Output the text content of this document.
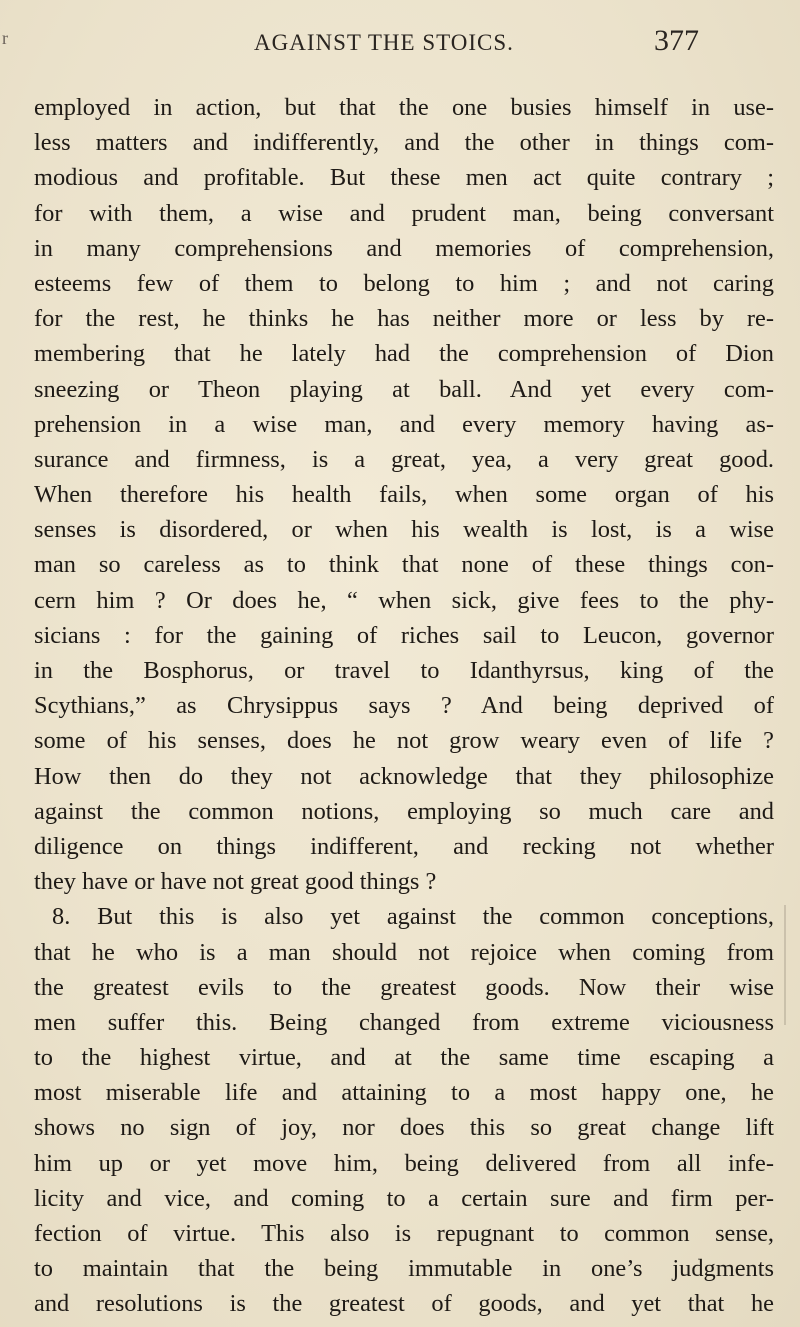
r	AGAINST THE STOICS.	377
employed in action, but that the one busies himself in use-
less matters and indifferently, and the other in things com-
modious and profitable. But these men act quite contrary ;
for with them, a wise and prudent man, being conversant
in many comprehensions and memories of comprehension,
esteems few of them to belong to him ; and not caring
for the rest, he thinks he has neither more or less by re-
membering that he lately had the comprehension of Dion
sneezing or Theon playing at ball. And yet every com-
prehension in a wise man, and every memory having as-
surance and firmness, is a great, yea, a very great good.
When therefore his health fails, when some organ of his
senses is disordered, or when his wealth is lost, is a wise
man so careless as to think that none of these things con-
cern him ? Or does he, “ when sick, give fees to the phy-
sicians : for the gaining of riches sail to Leucon, governor
in the Bosphorus, or travel to Idanthyrsus, king of the
Scythians,” as Chrysippus says ? And being deprived of
some of his senses, does he not grow weary even of life ?
How then do they not acknowledge that they philosophize
against the common notions, employing so much care and
diligence on things indifferent, and recking not whether
they have or have not great good things ?
8. But this is also yet against the common conceptions,
that he who is a man should not rejoice when coming from
the greatest evils to the greatest goods. Now their wise
men suffer this. Being changed from extreme viciousness
to the highest virtue, and at the same time escaping a
most miserable life and attaining to a most happy one, he
shows no sign of joy, nor does this so great change lift
him up or yet move him, being delivered from all infe-
licity and vice, and coming to a certain sure and firm per-
fection of virtue. This also is repugnant to common sense,
to maintain that the being immutable in one’s judgments
and resolutions is the greatest of goods, and yet that he
